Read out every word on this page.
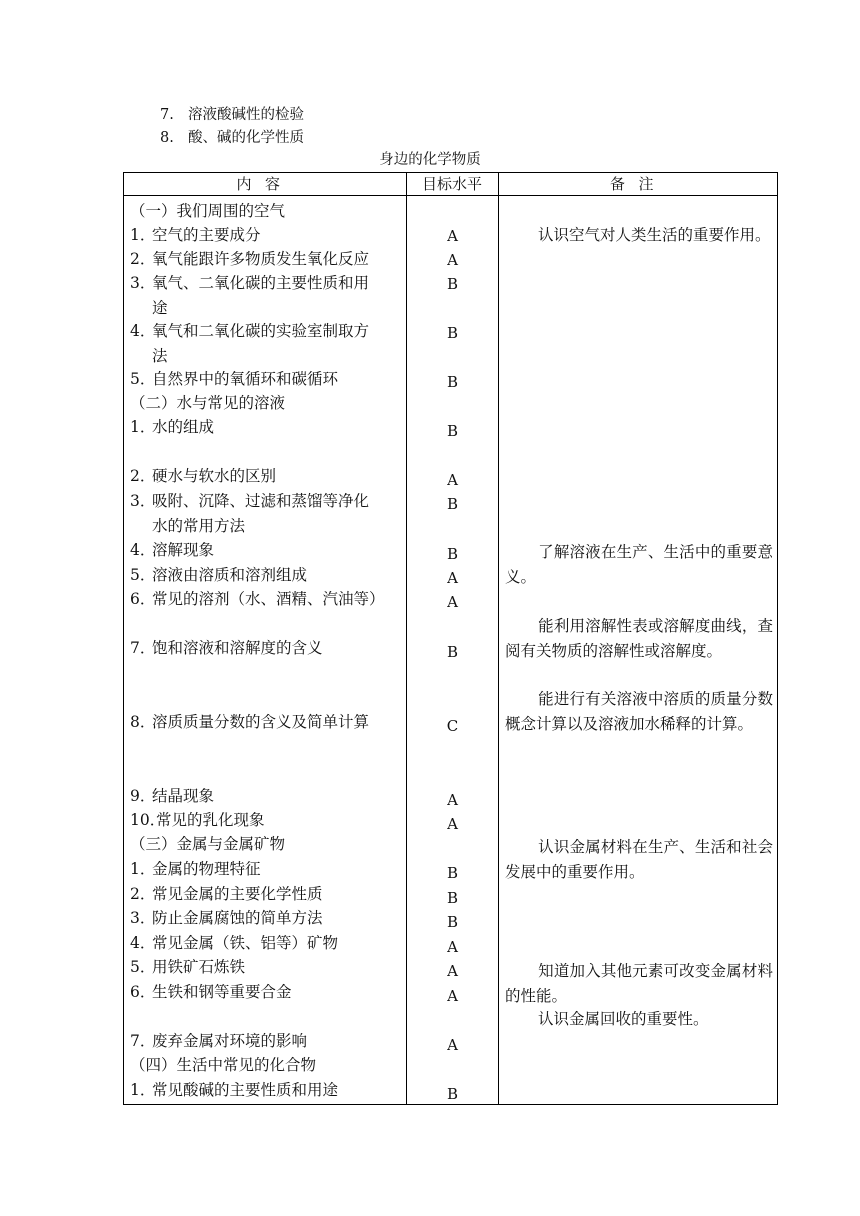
7. 溶液酸碱性的检验
8. 酸、碱的化学性质
身边的化学物质
内容	目标水平	备注
（一）我们周围的空气
1．空气的主要成分
2．氧气能跟许多物质发生氧化反应
3．氧气、二氧化碳的主要性质和用
途
4．氧气和二氧化碳的实验室制取方
法
5．自然界中的氧循环和碳循环
（二）水与常见的溶液
1．水的组成
2．硬水与软水的区别
3．吸附、沉降、过滤和蒸馏等净化
水的常用方法
4．溶解现象
5．溶液由溶质和溶剂组成
6．常见的溶剂（水、酒精、汽油等）
7．饱和溶液和溶解度的含义
8．溶质质量分数的含义及简单计算
9．结晶现象
10．常见的乳化现象
（三）金属与金属矿物
1．金属的物理特征
2．常见金属的主要化学性质
3．防止金属腐蚀的简单方法
4．常见金属（铁、铝等）矿物
5．用铁矿石炼铁
6．生铁和钢等重要合金
7．废弃金属对环境的影响
（四）生活中常见的化合物
1．常见酸碱的主要性质和用途
A
A
B
B
B
B
A
B
B
A
A
B
C
A
A
B
B
B
A
A
A
A
B
认识空气对人类生活的重要作用。
了解溶液在生产、生活中的重要意义。
能利用溶解性表或溶解度曲线，查阅有关物质的溶解性或溶解度。
能进行有关溶液中溶质的质量分数概念计算以及溶液加水稀释的计算。
认识金属材料在生产、生活和社会发展中的重要作用。
知道加入其他元素可改变金属材料的性能。
认识金属回收的重要性。
